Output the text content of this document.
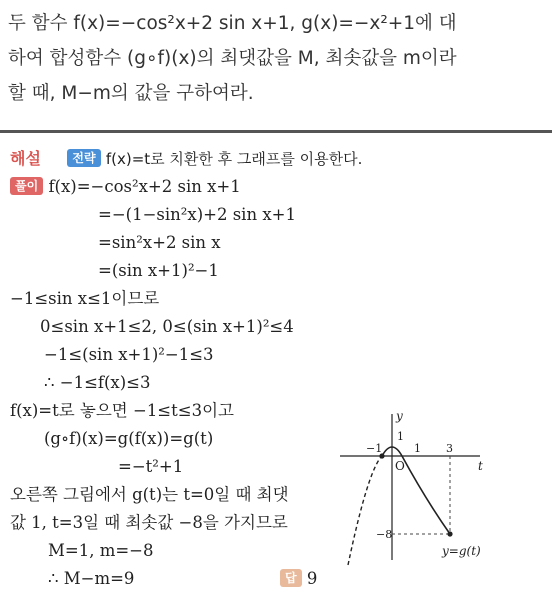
두 함수 f(x)=−cos²x+2 sin x+1, g(x)=−x²+1에 대
하여 합성함수 (g∘f)(x)의 최댓값을 M, 최솟값을 m이라
할 때, M−m의 값을 구하여라.
해설	전략 f(x)=t로 치환한 후 그래프를 이용한다.
풀이 f(x)=−cos²x+2 sin x+1
=−(1−sin²x)+2 sin x+1
=sin²x+2 sin x
=(sin x+1)²−1
−1≤sin x≤1이므로
0≤sin x+1≤2, 0≤(sin x+1)²≤4
−1≤(sin x+1)²−1≤3
∴ −1≤f(x)≤3
f(x)=t로 놓으면 −1≤t≤3이고
(g∘f)(x)=g(f(x))=g(t)
=−t²+1
오른쪽 그림에서 g(t)는 t=0일 때 최댓
값 1, t=3일 때 최솟값 −8을 가지므로
M=1, m=−8
∴ M−m=9	답 9
y
t
O
−1
1
1 3
−8
y=g(t)
